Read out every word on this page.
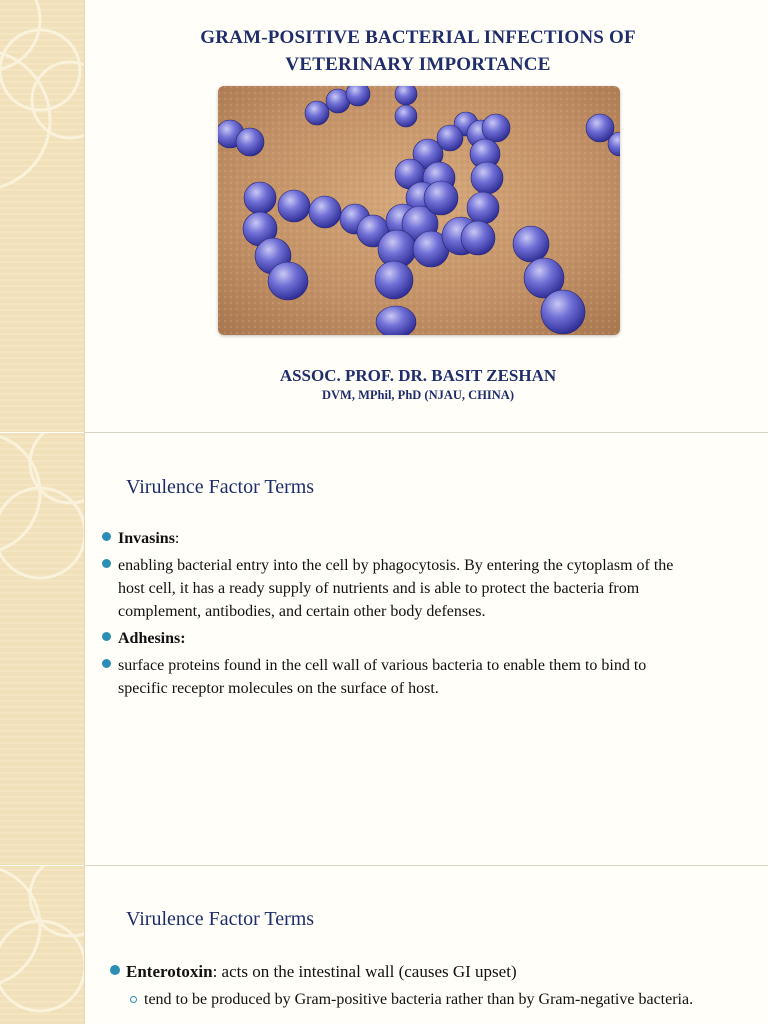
GRAM-POSITIVE BACTERIAL INFECTIONS OF
VETERINARY IMPORTANCE
ASSOC. PROF. DR. BASIT ZESHAN
DVM, MPhil, PhD (NJAU, CHINA)
Virulence Factor Terms
Invasins:
enabling bacterial entry into the cell by phagocytosis. By entering the cytoplasm of the host cell, it has a ready supply of nutrients and is able to protect the bacteria from complement, antibodies, and certain other body defenses.
Adhesins:
surface proteins found in the cell wall of various bacteria to enable them to bind to specific receptor molecules on the surface of host.
Virulence Factor Terms
Enterotoxin: acts on the intestinal wall (causes GI upset)
tend to be produced by Gram-positive bacteria rather than by Gram-negative bacteria.
